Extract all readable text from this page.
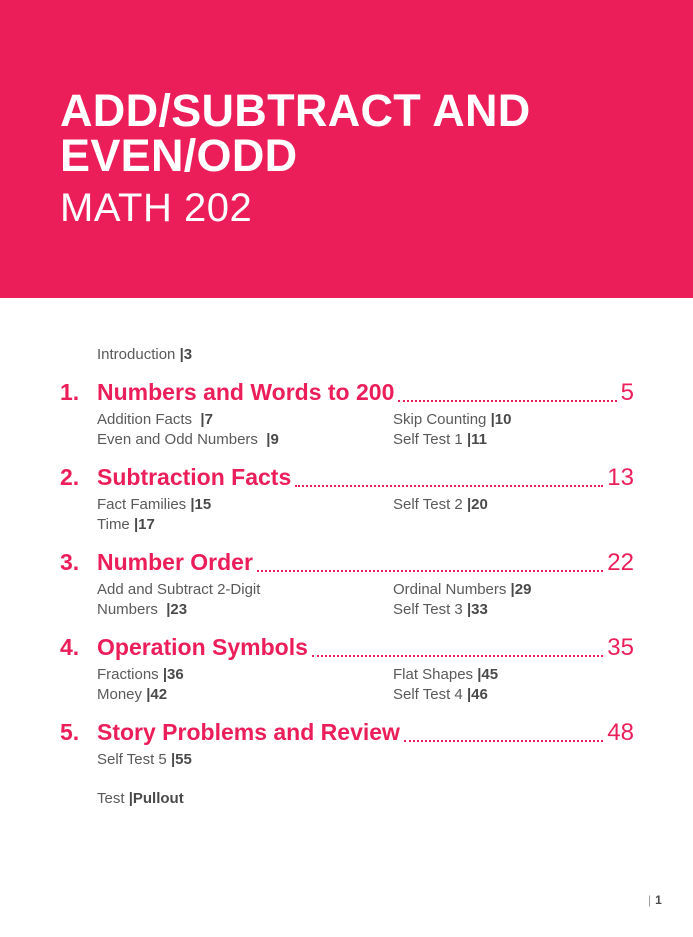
ADD/SUBTRACT AND
EVEN/ODD
MATH 202
Introduction |3
1. Numbers and Words to 200	5
Addition Facts |7	Skip Counting |10
Even and Odd Numbers |9	Self Test 1 |11
2. Subtraction Facts	13
Fact Families |15	Self Test 2 |20
Time |17
3. Number Order	22
Add and Subtract 2-Digit	Ordinal Numbers |29
Numbers |23	Self Test 3 |33
4. Operation Symbols	35
Fractions |36	Flat Shapes |45
Money |42	Self Test 4 |46
5. Story Problems and Review	48
Self Test 5 |55
Test |Pullout
| 1
